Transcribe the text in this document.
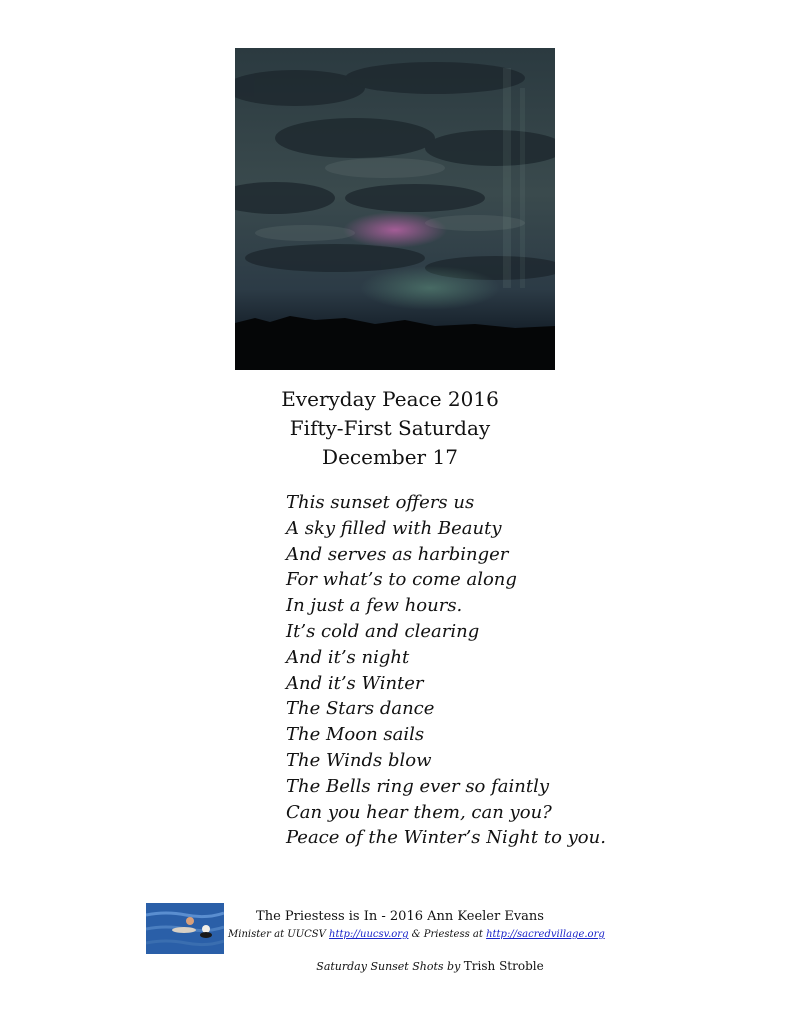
Everyday Peace 2016
Fifty-First Saturday
December 17
This sunset offers us
A sky filled with Beauty
And serves as harbinger
For what’s to come along
In just a few hours.
It’s cold and clearing
And it’s night
And it’s Winter
The Stars dance
The Moon sails
The Winds blow
The Bells ring ever so faintly
Can you hear them, can you?
Peace of the Winter’s Night to you.
The Priestess is In - 2016 Ann Keeler Evans
Minister at UUCSV http://uucsv.org & Priestess at http://sacredvillage.org
Saturday Sunset Shots by Trish Stroble
